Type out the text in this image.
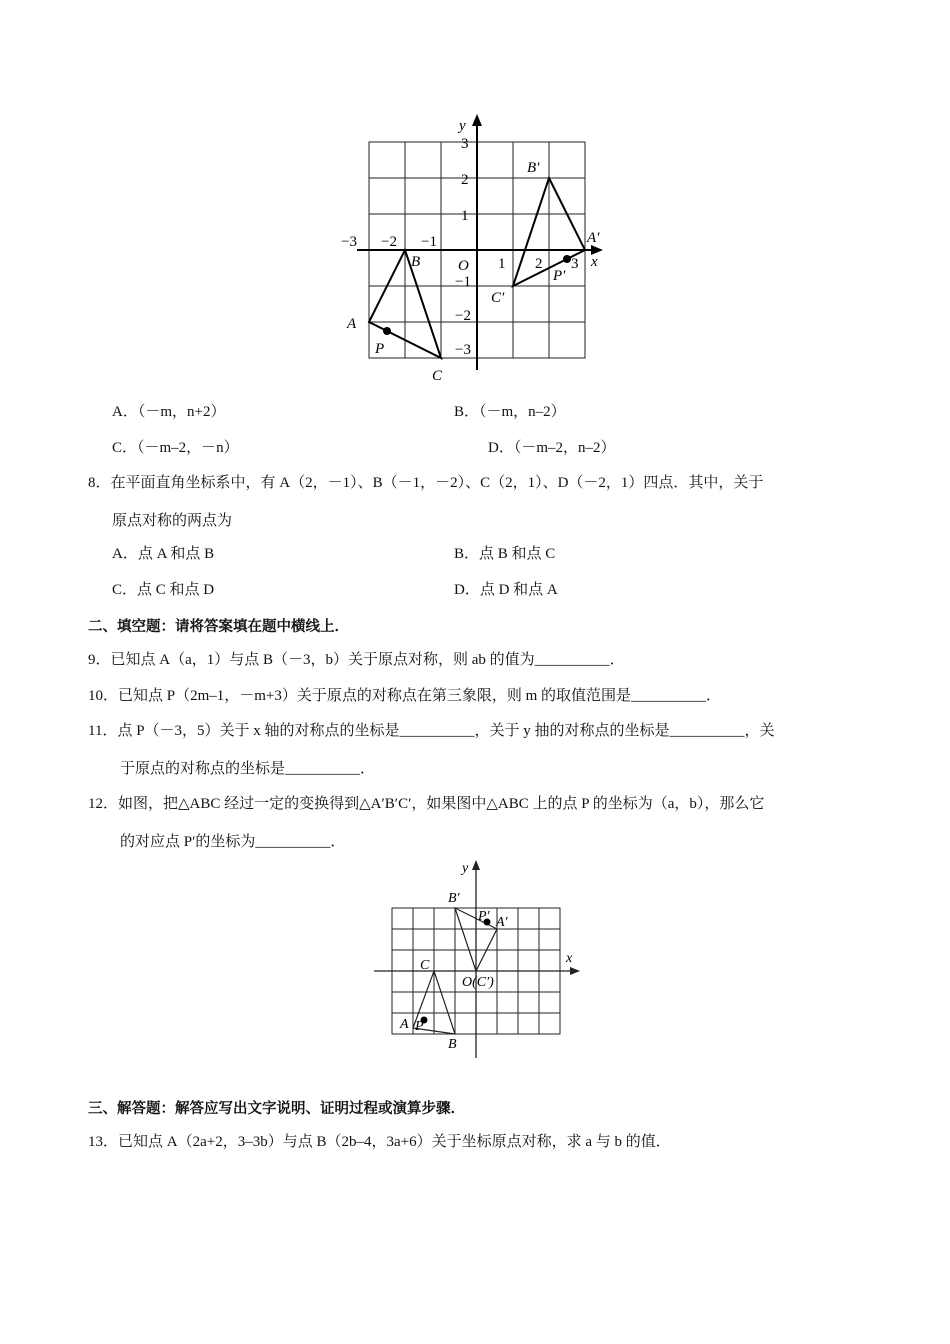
y
x
O
−3 −2 −1
1 2 3
3
2
1
−1
−2
−3
A
B
C
P
A′
B′
C′
P′
A．（－m，n+2）	B．（－m，n–2）
C．（－m–2，－n）	D．（－m–2，n–2）
8．在平面直角坐标系中，有 A（2，－1）、B（－1，－2）、C（2，1）、D（－2，1）四点．其中，关于
原点对称的两点为
A．点 A 和点 B	B．点 B 和点 C
C．点 C 和点 D	D．点 D 和点 A
二、填空题：请将答案填在题中横线上．
9．已知点 A（a，1）与点 B（－3，b）关于原点对称，则 ab 的值为__________．
10．已知点 P（2m–1，－m+3）关于原点的对称点在第三象限，则 m 的取值范围是__________．
11．点 P（－3，5）关于 x 轴的对称点的坐标是__________，关于 y 抽的对称点的坐标是__________，关
于原点的对称点的坐标是__________．
12．如图，把△ABC 经过一定的变换得到△A′B′C′，如果图中△ABC 上的点 P 的坐标为（a，b），那么它
的对应点 P′的坐标为__________．
y
x
O(C′)
B′
P′ A′
C
A P
B
三、解答题：解答应写出文字说明、证明过程或演算步骤．
13．已知点 A（2a+2，3–3b）与点 B（2b–4，3a+6）关于坐标原点对称，求 a 与 b 的值．
